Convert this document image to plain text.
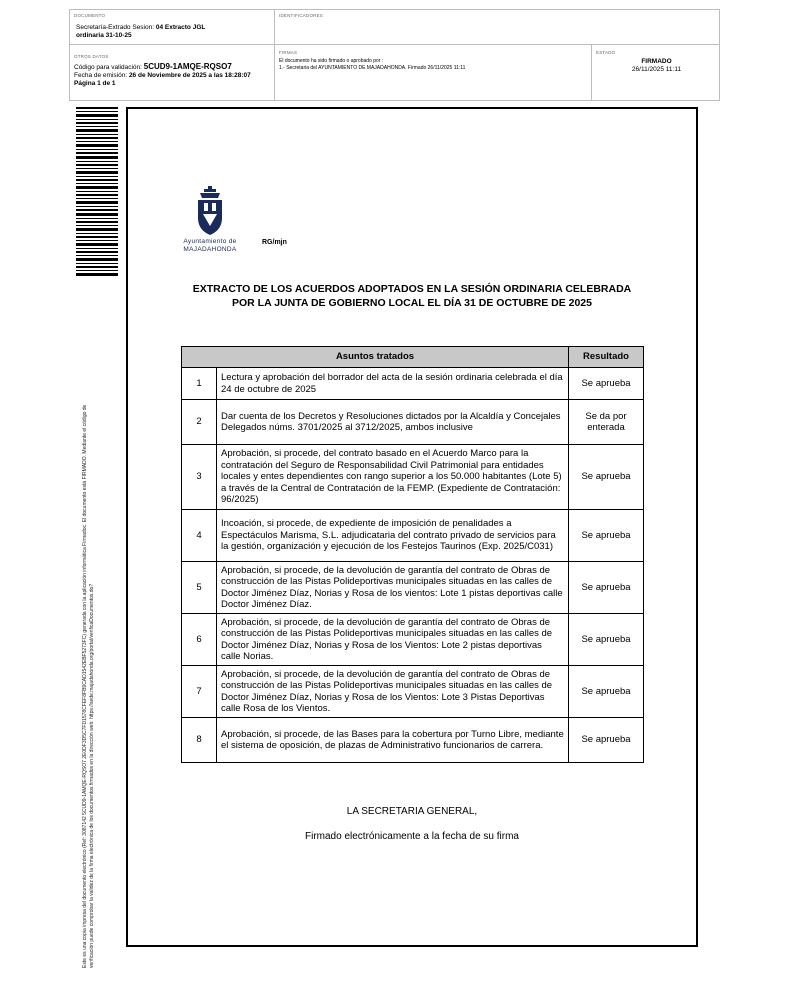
DOCUMENTO
Secretaría-Extrado Sesion: 04 Extracto JGL
ordinaria 31-10-25
IDENTIFICADORES
OTROS DATOS
Código para validación: 5CUD9-1AMQE-RQSO7
Fecha de emisión: 26 de Noviembre de 2025 a las 18:28:07
Página 1 de 1
FIRMAS
El documento ha sido firmado o aprobado por :
1.- Secretaria del AYUNTAMIENTO DE MAJADAHONDA. Firmado 26/11/2025 11:11
ESTADO
FIRMADO
26/11/2025 11:11
Este es una copia impresa del documento electrónico (Ref: 3087142 5CUD9-1AMQE-RQSO7 2E0DF3D5C7FD1578CFEF8FB9CAD1542EBF5273FC) generada con la aplicación informática Firmadoc. El documento está FIRMADO. Mediante el código de verificación puede comprobar la validez de la firma electrónica de los documentos firmados en la dirección web: https://sede.majadahonda.org/portal/verificaDocumentos.do?
Ayuntamiento de
MAJADAHONDA
RG/mjn
EXTRACTO DE LOS ACUERDOS ADOPTADOS EN LA SESIÓN ORDINARIA CELEBRADA
POR LA JUNTA DE GOBIERNO LOCAL EL DÍA 31 DE OCTUBRE DE 2025
Asuntos tratados		Resultado
1	Lectura y aprobación del borrador del acta de la sesión ordinaria celebrada el día 24 de octubre de 2025	Se aprueba
2	Dar cuenta de los Decretos y Resoluciones dictados por la Alcaldía y Concejales Delegados núms. 3701/2025 al 3712/2025, ambos inclusive	Se da por enterada
3	Aprobación, si procede, del contrato basado en el Acuerdo Marco para la contratación del Seguro de Responsabilidad Civil Patrimonial para entidades locales y entes dependientes con rango superior a los 50.000 habitantes (Lote 5) a través de la Central de Contratación de la FEMP. (Expediente de Contratación: 96/2025)	Se aprueba
4	Incoación, si procede, de expediente de imposición de penalidades a Espectáculos Marisma, S.L. adjudicataria del contrato privado de servicios para la gestión, organización y ejecución de los Festejos Taurinos (Exp. 2025/C031)	Se aprueba
5	Aprobación, si procede, de la devolución de garantía del contrato de Obras de construcción de las Pistas Polideportivas municipales situadas en las calles de Doctor Jiménez Díaz, Norias y Rosa de los vientos: Lote 1 pistas deportivas calle Doctor Jiménez Díaz.	Se aprueba
6	Aprobación, si procede, de la devolución de garantía del contrato de Obras de construcción de las Pistas Polideportivas municipales situadas en las calles de Doctor Jiménez Díaz, Norias y Rosa de los Vientos: Lote 2 pistas deportivas calle Norias.	Se aprueba
7	Aprobación, si procede, de la devolución de garantía del contrato de Obras de construcción de las Pistas Polideportivas municipales situadas en las calles de Doctor Jiménez Díaz, Norias y Rosa de los Vientos: Lote 3 Pistas Deportivas calle Rosa de los Vientos.	Se aprueba
8	Aprobación, si procede, de las Bases para la cobertura por Turno Libre, mediante el sistema de oposición, de plazas de Administrativo funcionarios de carrera.	Se aprueba
LA SECRETARIA GENERAL,
Firmado electrónicamente a la fecha de su firma
